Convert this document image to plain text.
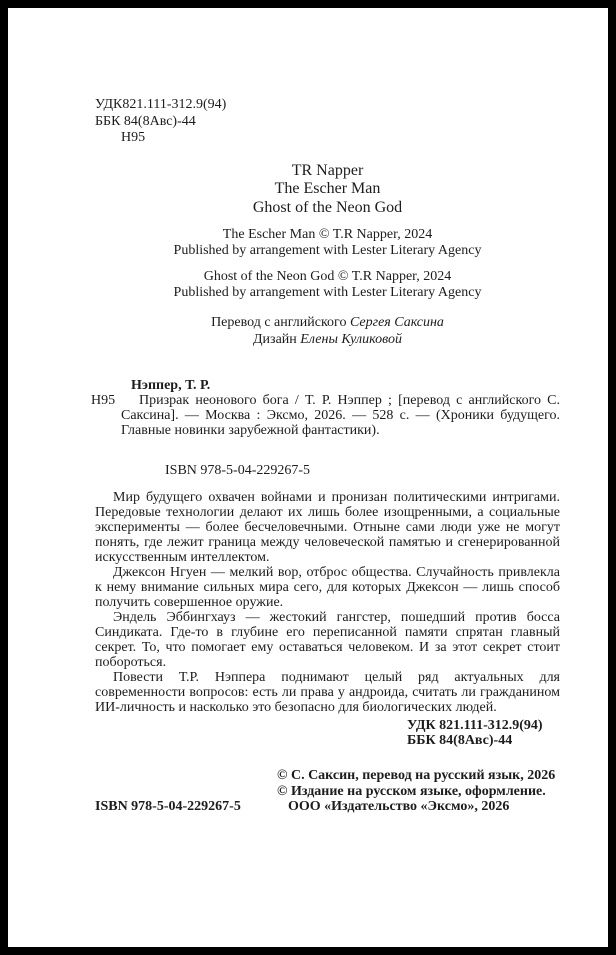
УДК821.111-312.9(94)
ББК 84(8Авс)-44
Н95
TR Napper
The Escher Man
Ghost of the Neon God
The Escher Man © T.R Napper, 2024
Published by arrangement with Lester Literary Agency
Ghost of the Neon God © T.R Napper, 2024
Published by arrangement with Lester Literary Agency
Перевод с английского Сергея Саксина
Дизайн Елены Куликовой
Нэппер, Т. Р.
Н95	Призрак неонового бога / Т. Р. Нэппер ; [перевод с английского С. Саксина]. — Москва : Эксмо, 2026. — 528 с. — (Хроники будущего. Главные новинки зарубежной фантастики).

ISBN 978-5-04-229267-5

Мир будущего охвачен войнами и пронизан политическими интригами. Передовые технологии делают их лишь более изощренными, а социальные эксперименты — более бесчеловечными. Отныне сами люди уже не могут понять, где лежит граница между человеческой памятью и сгенерированной искусственным интеллектом.

Джексон Нгуен — мелкий вор, отброс общества. Случайность привлекла к нему внимание сильных мира сего, для которых Джексон — лишь способ получить совершенное оружие.

Эндель Эббингхауз — жестокий гангстер, пошедший против босса Синдиката. Где-то в глубине его переписанной памяти спрятан главный секрет. То, что помогает ему оставаться человеком. И за этот секрет стоит побороться.

Повести Т.Р. Нэппера поднимают целый ряд актуальных для современности вопросов: есть ли права у андроида, считать ли гражданином ИИ-личность и насколько это безопасно для биологических людей.

УДК 821.111-312.9(94)
ББК 84(8Авс)-44
© С. Саксин, перевод на русский язык, 2026
© Издание на русском языке, оформление.
ООО «Издательство «Эксмо», 2026
ISBN 978-5-04-229267-5
